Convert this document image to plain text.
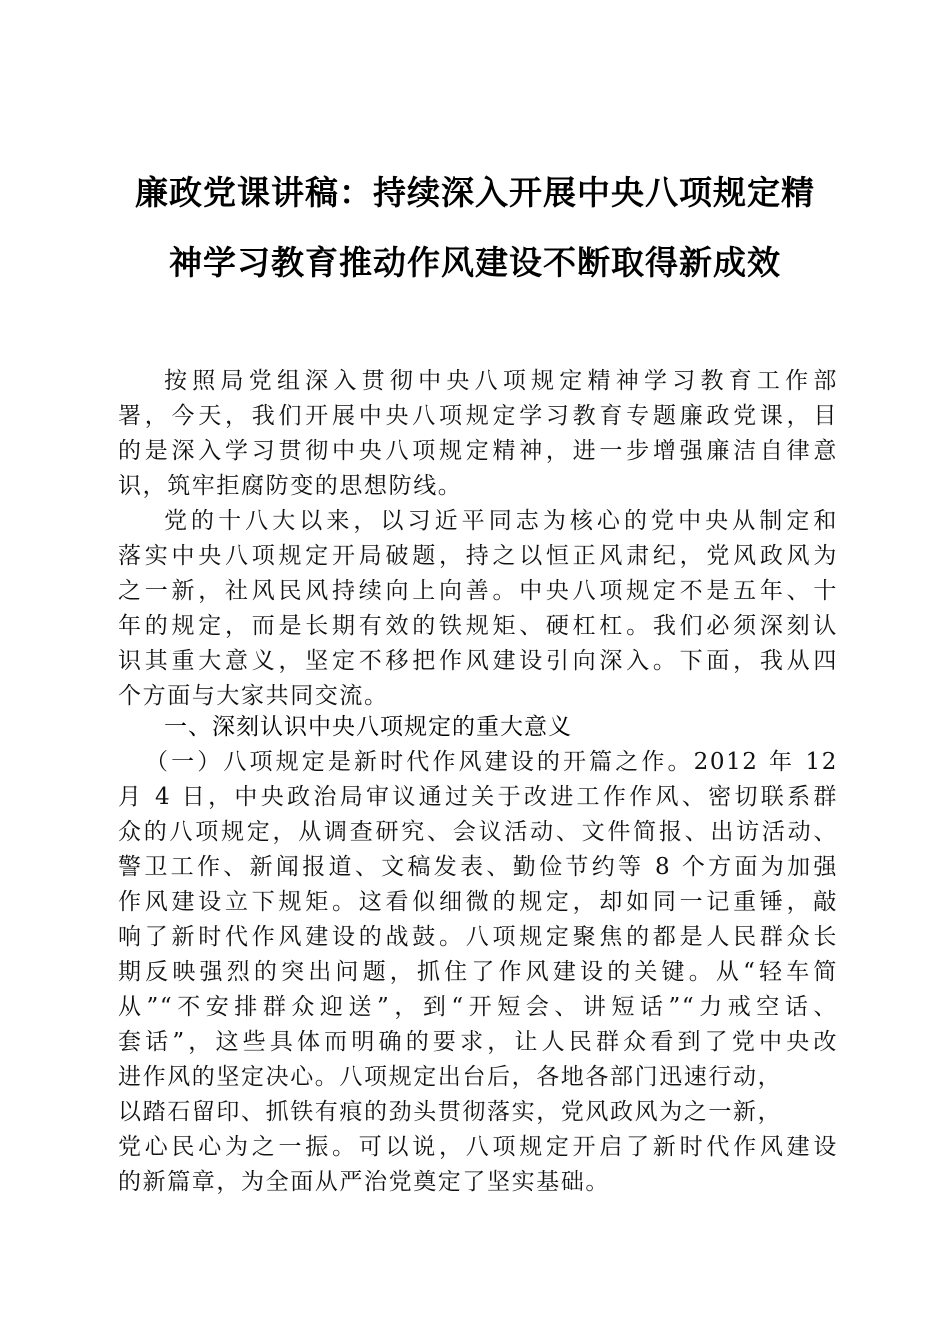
廉政党课讲稿：持续深入开展中央八项规定精
神学习教育推动作风建设不断取得新成效
按照局党组深入贯彻中央八项规定精神学习教育工作部
署，今天，我们开展中央八项规定学习教育专题廉政党课，目
的是深入学习贯彻中央八项规定精神，进一步增强廉洁自律意
识，筑牢拒腐防变的思想防线。
党的十八大以来，以习近平同志为核心的党中央从制定和
落实中央八项规定开局破题，持之以恒正风肃纪，党风政风为
之一新，社风民风持续向上向善。中央八项规定不是五年、十
年的规定，而是长期有效的铁规矩、硬杠杠。我们必须深刻认
识其重大意义，坚定不移把作风建设引向深入。下面，我从四
个方面与大家共同交流。
一、深刻认识中央八项规定的重大意义
（一）八项规定是新时代作风建设的开篇之作。2012 年 12
月 4 日，中央政治局审议通过关于改进工作作风、密切联系群
众的八项规定，从调查研究、会议活动、文件简报、出访活动、
警卫工作、新闻报道、文稿发表、勤俭节约等 8 个方面为加强
作风建设立下规矩。这看似细微的规定，却如同一记重锤，敲
响了新时代作风建设的战鼓。八项规定聚焦的都是人民群众长
期反映强烈的突出问题，抓住了作风建设的关键。从“轻车简
从”“不安排群众迎送”，到“开短会、讲短话”“力戒空话、
套话”，这些具体而明确的要求，让人民群众看到了党中央改
进作风的坚定决心。八项规定出台后，各地各部门迅速行动，
以踏石留印、抓铁有痕的劲头贯彻落实，党风政风为之一新，
党心民心为之一振。可以说，八项规定开启了新时代作风建设
的新篇章，为全面从严治党奠定了坚实基础。
